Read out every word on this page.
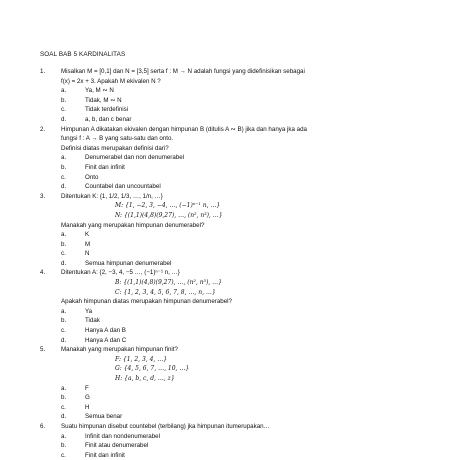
SOAL BAB 5 KARDINALITAS
1.	Misalkan M = [0,1] dan N = [3,5] serta f : M → N adalah fungsi yang didefinisikan sebagai
f(x) = 2x + 3. Apakah M ekivalen N ?
a.	Ya, M ∾ N
b.	Tidak, M ∾ N
c.	Tidak terdefinisi
d.	a, b, dan c benar
2.	Himpunan A dikatakan ekivalen dengan himpunan B (ditulis A ∾ B) jika dan hanya jka ada
fungsi f : A → B yang satu-satu dan onto.
Definisi diatas merupakan definisi dari?
a.	Denumerabel dan non denumerabel
b.	Finit dan infinit
c.	Onto
d.	Countabel dan uncountabel
3.	Ditentukan K: {1, 1/2, 1/3, …, 1/n, …}
M: {1, −2, 3, −4, …, (−1)ⁿ⁻¹ n, …}
N: {(1,1)(4,8)(9,27), …, (n², n³), …}
Manakah yang merupakan himpunan denumerabel?
a.	K
b.	M
c.	N
d.	Semua himpunan denumerabel
4.	Ditentukan A: {2, −3, 4, −5 …, (−1)ⁿ⁻¹ n, …}
B: {(1,1)(4,8)(9,27), …, (n², n³), …}
C: {1, 2, 3, 4, 5, 6, 7, 8, …, n, …}
Apakah himpunan diatas merupakan himpunan denumerabel?
a.	Ya
b.	Tidak
c.	Hanya A dan B
d.	Hanya A dan C
5.	Manakah yang merupakan himpunan finit?
F: {1, 2, 3, 4, …}
G: {4, 5, 6, 7, …, 10, …}
H: {a, b, c, d, …, z}
a.	F
b.	G
c.	H
d.	Semua benar
6.	Suatu himpunan disebut countebel (terbilang) jka himpunan itumerupakan…
a.	Infinit dan nondenumerabel
b.	Finit atau denumerabel
c.	Finit dan infinit
